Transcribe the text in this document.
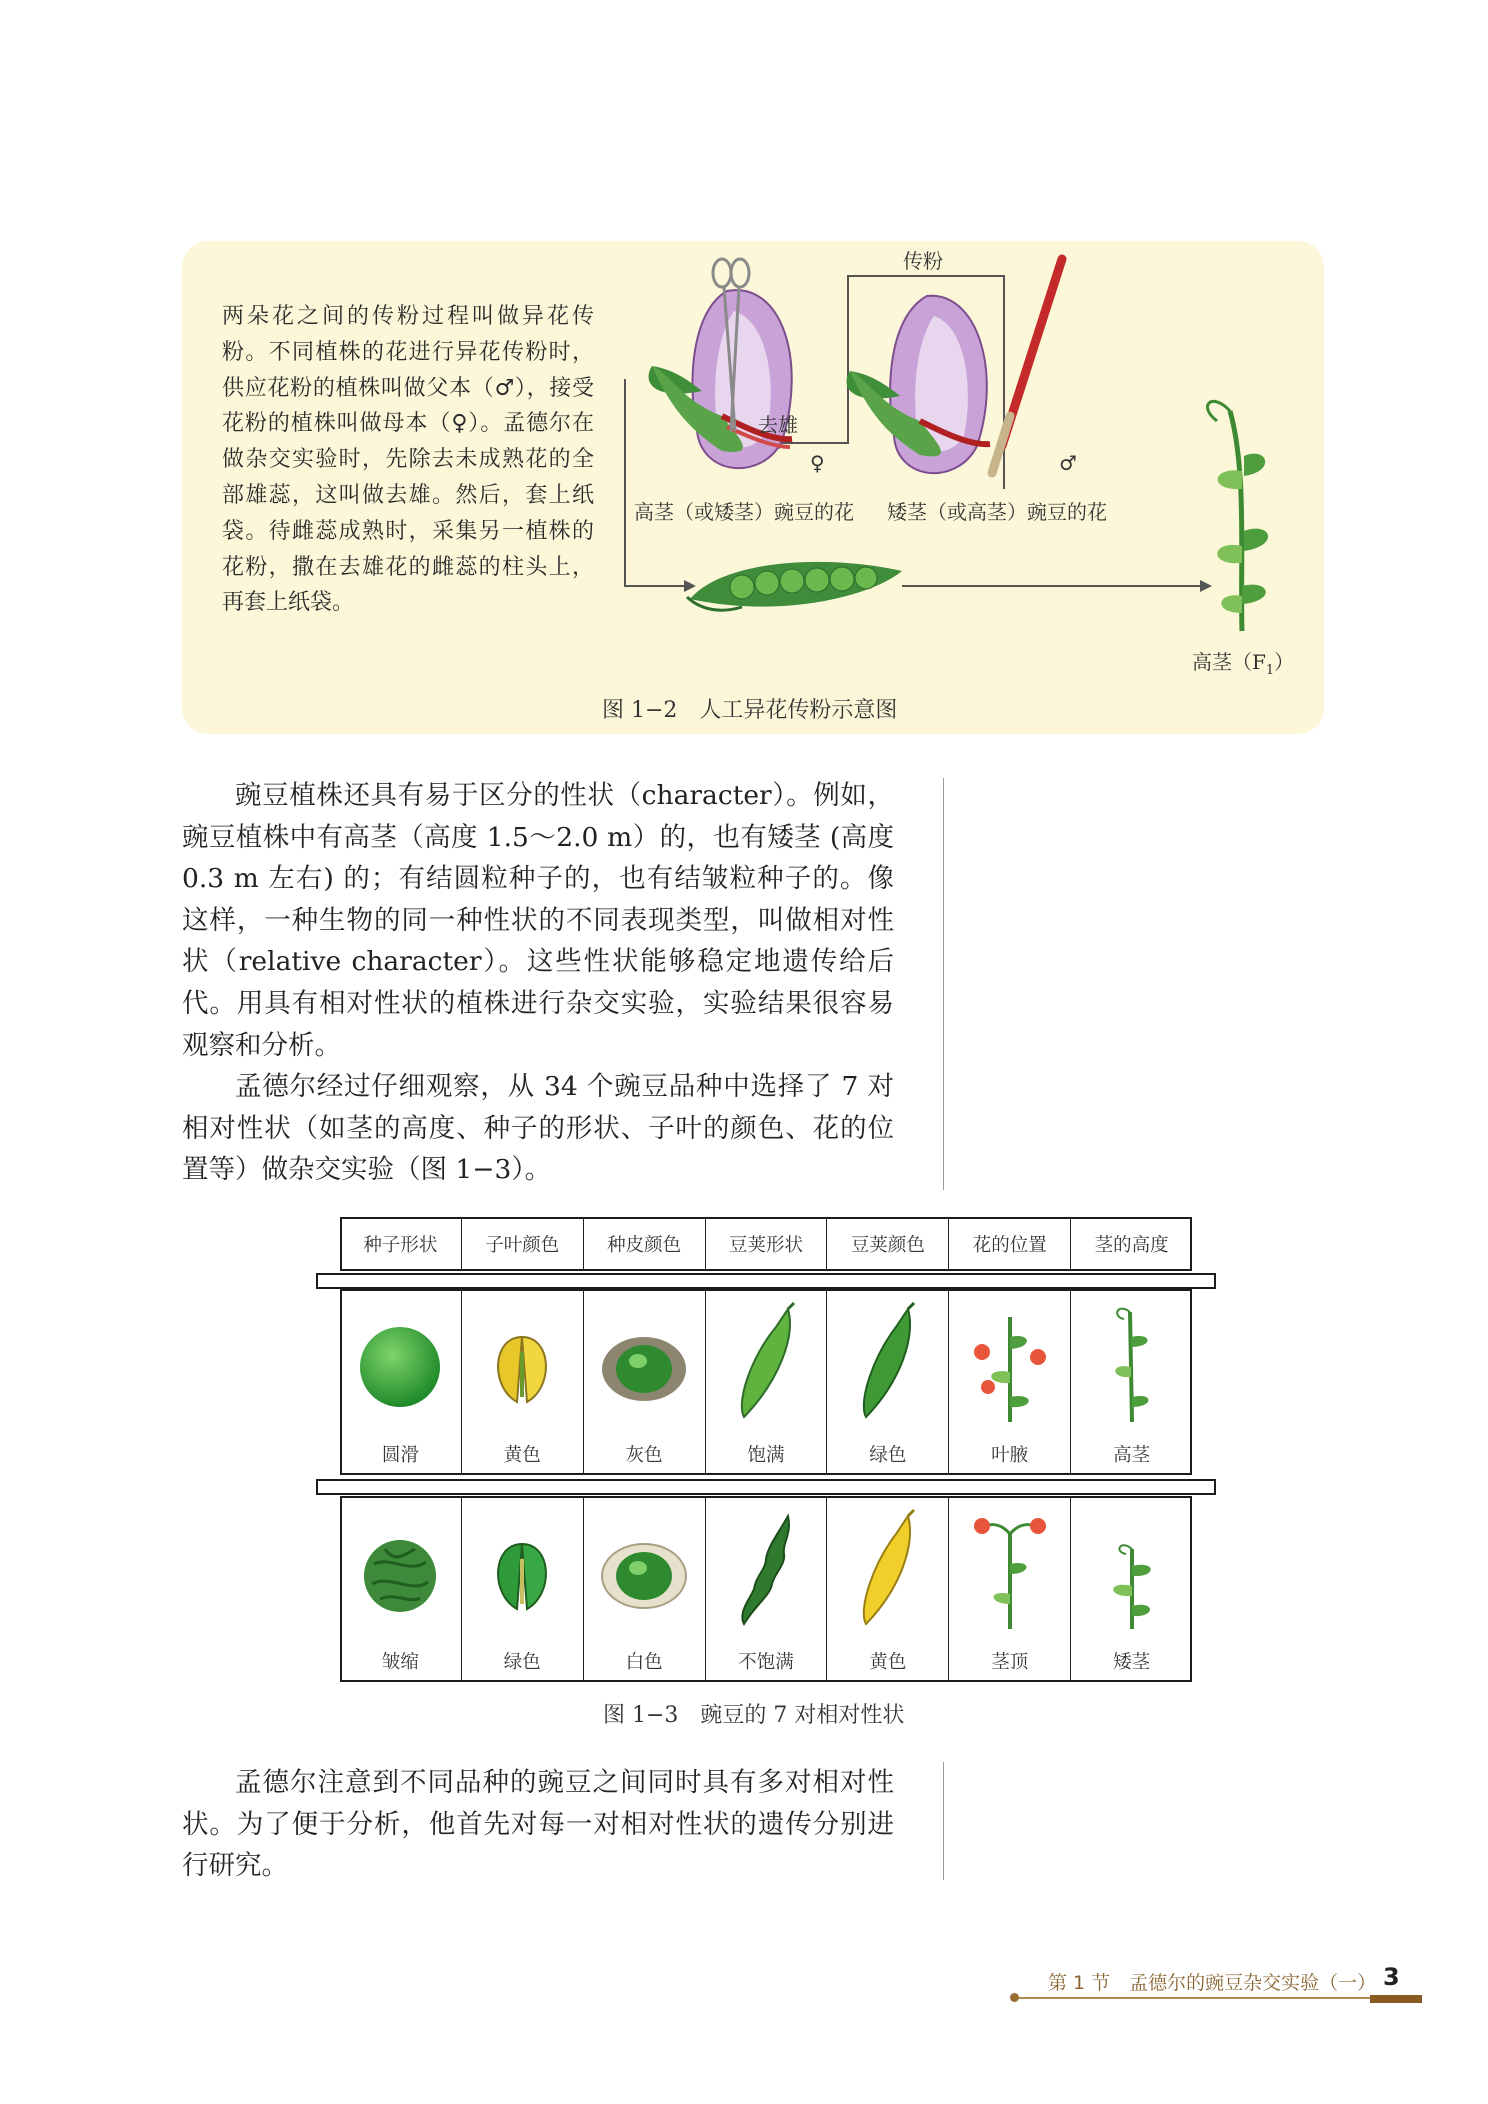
两朵花之间的传粉过程叫做异花传粉。不同植株的花进行异花传粉时，供应花粉的植株叫做父本（♂），接受花粉的植株叫做母本（♀）。孟德尔在做杂交实验时，先除去未成熟花的全部雄蕊，这叫做去雄。然后，套上纸袋。待雌蕊成熟时，采集另一植株的花粉，撒在去雄花的雌蕊的柱头上，再套上纸袋。
传粉
去雄
♀	♂
高茎（或矮茎）豌豆的花 矮茎（或高茎）豌豆的花
高茎$(F_1)$
图 1−2　人工异花传粉示意图
豌豆植株还具有易于区分的性状（character）。例如，豌豆植株中有高茎（高度 1.5～2.0 m）的，也有矮茎 (高度 0.3 m 左右) 的；有结圆粒种子的，也有结皱粒种子的。像这样，一种生物的同一种性状的不同表现类型，叫做相对性状（relative character）。这些性状能够稳定地遗传给后代。用具有相对性状的植株进行杂交实验，实验结果很容易观察和分析。
孟德尔经过仔细观察，从 34 个豌豆品种中选择了 7 对相对性状（如茎的高度、种子的形状、子叶的颜色、花的位置等）做杂交实验（图 1−3）。
种子形状	子叶颜色	种皮颜色	豆荚形状	豆荚颜色	花的位置	茎的高度
圆滑	黄色	灰色	饱满	绿色	叶腋	高茎
皱缩	绿色	白色	不饱满	黄色	茎顶	矮茎
图 1−3　豌豆的 7 对相对性状
孟德尔注意到不同品种的豌豆之间同时具有多对相对性状。为了便于分析，他首先对每一对相对性状的遗传分别进行研究。
第 1 节　孟德尔的豌豆杂交实验（一） 3
